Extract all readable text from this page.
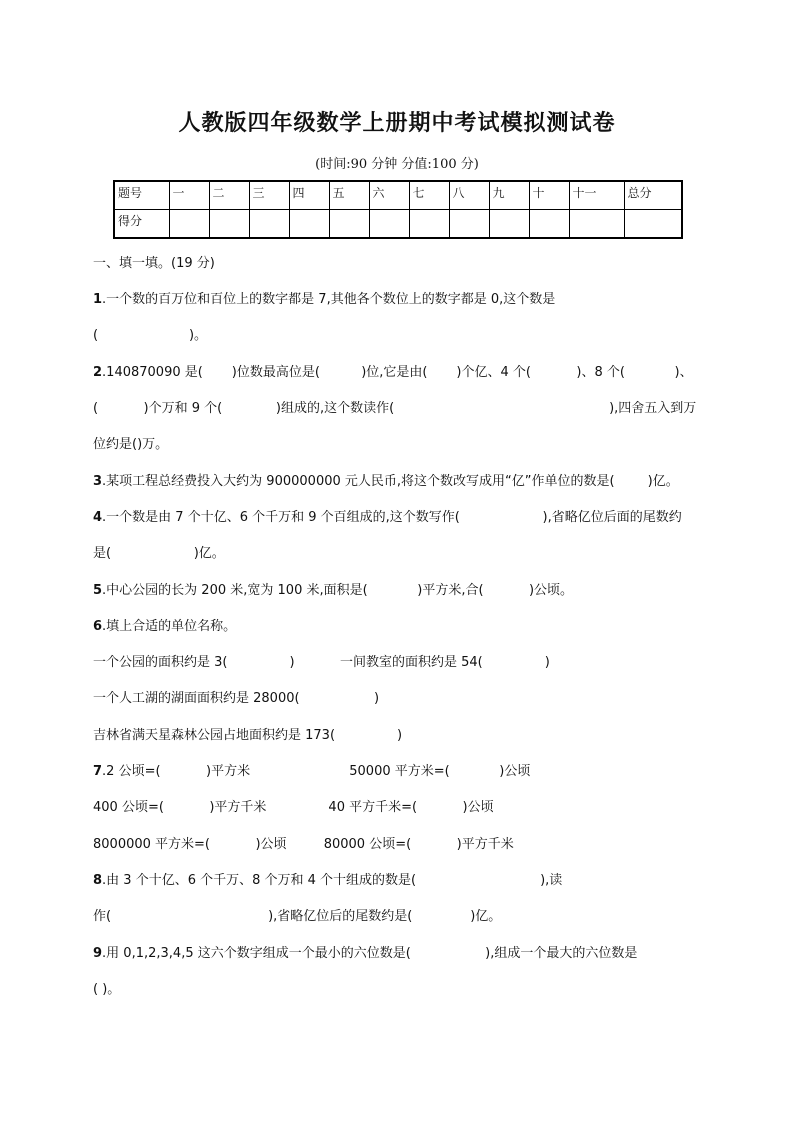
人教版四年级数学上册期中考试模拟测试卷
(时间:90 分钟 分值:100 分)
题号	一	二	三	四	五	六	七	八	九	十	十一	总分
得分												
一、填一填。(19 分)
1.一个数的百万位和百位上的数字都是 7,其他各个数位上的数字都是 0,这个数是
(                      )。
2.140870090 是(       )位数最高位是(          )位,它是由(       )个亿、4 个(           )、8 个(            )、
(           )个万和 9 个(             )组成的,这个数读作(                                                    ),四舍五入到万
位约是()万。
3.某项工程总经费投入大约为 900000000 元人民币,将这个数改写成用“亿”作单位的数是(        )亿。
4.一个数是由 7 个十亿、6 个千万和 9 个百组成的,这个数写作(                    ),省略亿位后面的尾数约
是(                    )亿。
5.中心公园的长为 200 米,宽为 100 米,面积是(            )平方米,合(           )公顷。
6.填上合适的单位名称。
一个公园的面积约是 3(               )           一间教室的面积约是 54(               )
一个人工湖的湖面面积约是 28000(                  )
吉林省满天星森林公园占地面积约是 173(               )
7.2 公顷=(           )平方米                        50000 平方米=(            )公顷
400 公顷=(           )平方千米               40 平方千米=(           )公顷
8000000 平方米=(           )公顷         80000 公顷=(           )平方千米
8.由 3 个十亿、6 个千万、8 个万和 4 个十组成的数是(                              ),读
作(                                      ),省略亿位后的尾数约是(              )亿。
9.用 0,1,2,3,4,5 这六个数字组成一个最小的六位数是(                  ),组成一个最大的六位数是
( )。
